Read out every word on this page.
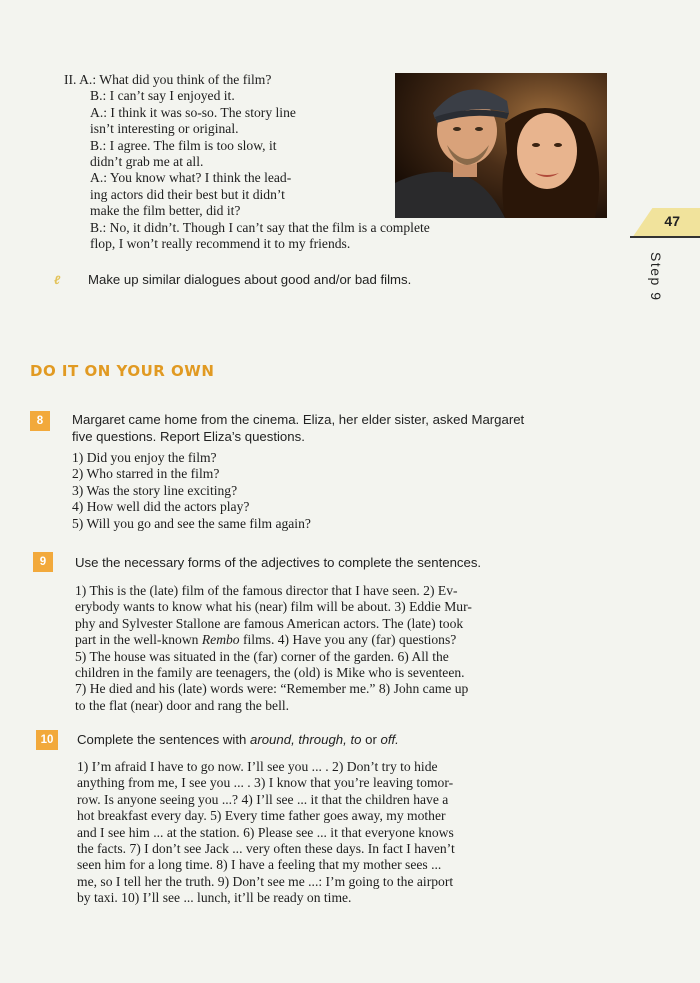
II. A.: What did you think of the film?
B.: I can’t say I enjoyed it.
A.: I think it was so-so. The story line
isn’t interesting or original.
B.: I agree. The film is too slow, it
didn’t grab me at all.
A.: You know what? I think the lead-
ing actors did their best but it didn’t
make the film better, did it?
B.: No, it didn’t. Though I can’t say that the film is a complete
flop, I won’t really recommend it to my friends.
47
Step 9
ℓ Make up similar dialogues about good and/or bad films.
DO IT ON YOUR OWN
8	Margaret came home from the cinema. Eliza, her elder sister, asked Margaret
five questions. Report Eliza’s questions.
1) Did you enjoy the film?
2) Who starred in the film?
3) Was the story line exciting?
4) How well did the actors play?
5) Will you go and see the same film again?
9	Use the necessary forms of the adjectives to complete the sentences.
1) This is the (late) film of the famous director that I have seen. 2) Ev-
erybody wants to know what his (near) film will be about. 3) Eddie Mur-
phy and Sylvester Stallone are famous American actors. The (late) took
part in the well-known Rembo films. 4) Have you any (far) questions?
5) The house was situated in the (far) corner of the garden. 6) All the
children in the family are teenagers, the (old) is Mike who is seventeen.
7) He died and his (late) words were: “Remember me.” 8) John came up
to the flat (near) door and rang the bell.
10	Complete the sentences with around, through, to or off.
1) I’m afraid I have to go now. I’ll see you ... . 2) Don’t try to hide
anything from me, I see you ... . 3) I know that you’re leaving tomor-
row. Is anyone seeing you ...? 4) I’ll see ... it that the children have a
hot breakfast every day. 5) Every time father goes away, my mother
and I see him ... at the station. 6) Please see ... it that everyone knows
the facts. 7) I don’t see Jack ... very often these days. In fact I haven’t
seen him for a long time. 8) I have a feeling that my mother sees ...
me, so I tell her the truth. 9) Don’t see me ...: I’m going to the airport
by taxi. 10) I’ll see ... lunch, it’ll be ready on time.
